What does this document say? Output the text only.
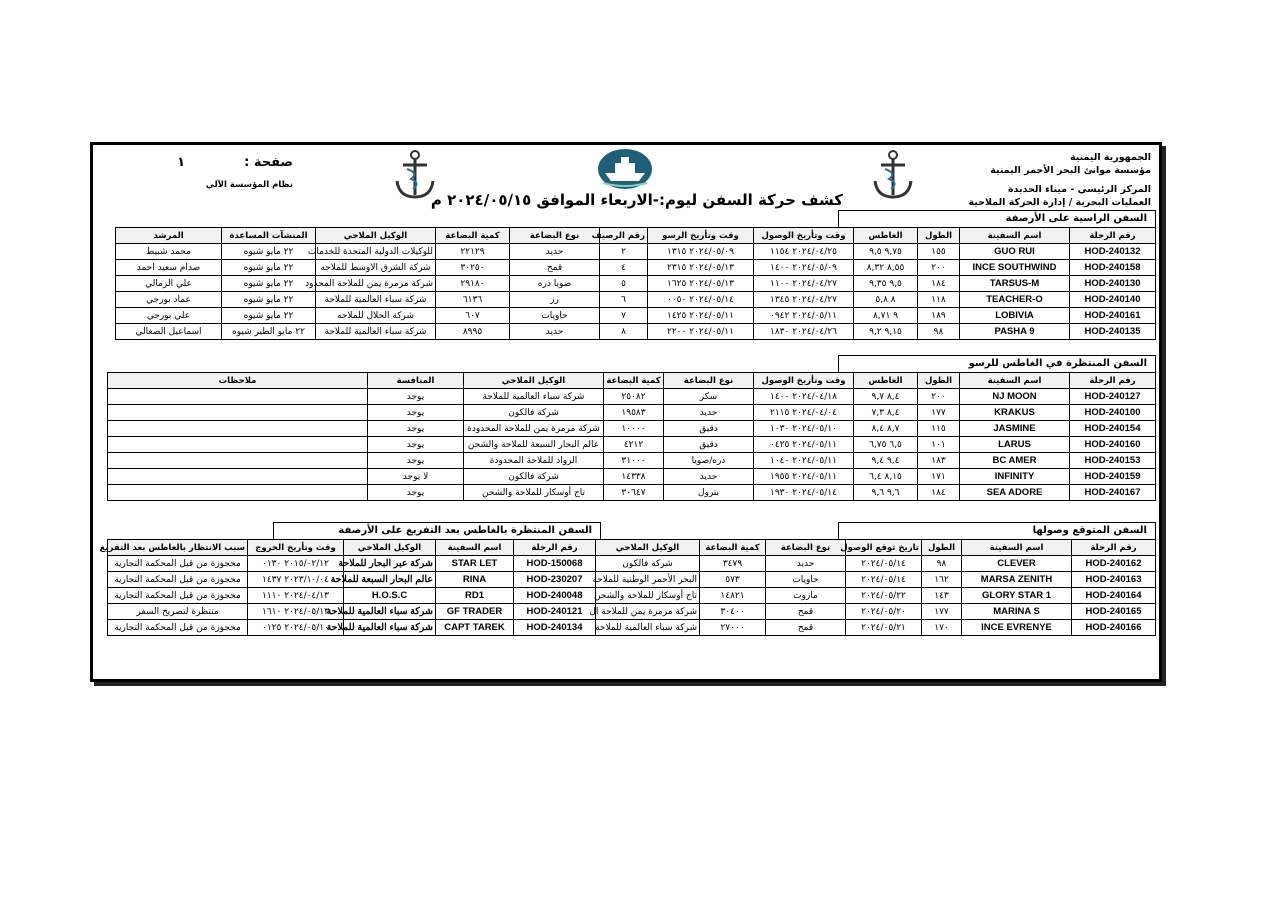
الجمهورية اليمنية
مؤسسة موانئ البحر الأحمر اليمنية
المركز الرئيسي - ميناء الحديدة
العمليات البحرية / إدارة الحركة الملاحية
صفحة :  ١
نظام المؤسسة الآلي
كشف حركة السفن ليوم:-الاربعاء الموافق ٢٠٢٤/٠٥/١٥ م
السفن الراسية على الأرصفة
رقم الرحلة	اسم السفينة	الطول	الغاطس	وقت وتأريخ الوصول	وقت وتأريخ الرسو	رقم الرصيف	نوع البضاعة	كمية البضاعة	الوكيل الملاحي	المنشآت المساعدة	المرشد
HOD-240132	GUO RUI	١٥٥	٩,٧٥ ٩,٥	٢٠٢٤/٠٤/٢٥ ١١٥٤	٢٠٢٤/٠٥/٠٩ ١٣١٥	٢	حديد	٢٢١٢٩	للوكيلات الدولية المتحدة للخدمات	٢٢ مايو شيوه	محمد شبيط
HOD-240158	INCE SOUTHWIND	٢٠٠	٨,٥٥ ٨,٣٢	٢٠٢٤/٠٥/٠٩ ١٤٠٠	٢٠٢٤/٠٥/١٣ ٢٣١٥	٤	قمح	٣٠٢٥٠	شركة الشرق الاوسط للملاحه	٢٢ مايو شيوه	صدام سعيد احمد
HOD-240130	TARSUS-M	١٨٤	٩,٥ ٩,٣٥	٢٠٢٤/٠٤/٢٧ ١١٠٠	٢٠٢٤/٠٥/١٣ ١٦٢٥	٥	صويا ذره	٢٩١٨٠	شركة مرمرة يمن للملاحة المحدود	٢٢ مايو شيوه	علي الزمالي
HOD-240140	TEACHER-O	١١٨	٨ ٥,٨	٢٠٢٤/٠٤/٢٧ ١٣٤٥	٢٠٢٤/٠٥/١٤ ٠٠٥٠	٦	رز	٦١٣٦	شركة سباء العالمية للملاحة	٢٢ مايو شيوه	عماد بورجي
HOD-240161	LOBIVIA	١٨٩	٩ ٨,٧١	٢٠٢٤/٠٥/١١ ٠٩٤٢	٢٠٢٤/٠٥/١١ ١٤٢٥	٧	حاويات	٦٠٧	شركة الحلال للملاحه	٢٢ مايو شيوه	علي بورجي
HOD-240135	PASHA 9	٩٨	٩,١٥ ٩,٢	٢٠٢٤/٠٤/٢٦ ١٨٣٠	٢٠٢٤/٠٥/١١ ٢٢٠٠	٨	حديد	٨٩٩٥	شركة سباء العالمية للملاحة	٢٢ مايو الطير شيوه	اسماعيل الصغالي
السفن المنتظرة في الغاطس للرسو
رقم الرحلة	اسم السفينة	الطول	الغاطس	وقت وتأريخ الوصول	نوع البضاعة	كمية البضاعة	الوكيل الملاحي	المنافسة	ملاحظات
HOD-240127	NJ MOON	٢٠٠	٨,٤ ٩,٧	٢٠٢٤/٠٤/١٨ ١٤٠٠	سكر	٢٥٠٨٢	شركة سباء العالمية للملاحة	يوجد	
HOD-240100	KRAKUS	١٧٧	٨,٤ ٧,٣	٢٠٢٤/٠٤/٠٤ ٢١١٥	حديد	١٩٥٨٣	شركة فالكون	يوجد	
HOD-240154	JASMINE	١١٥	٨,٧ ٨,٤	٢٠٢٤/٠٥/١٠ ١٠٣٠	دقيق	١٠٠٠٠	شركة مرمرة يمن للملاحة المحدودة	يوجد	
HOD-240160	LARUS	١٠١	٦,٥ ٦,٧٥	٢٠٢٤/٠٥/١١ ٠٤٢٥	دقيق	٤٢١٢	عالم البحار السبعة للملاحة والشحن	يوجد	
HOD-240153	BC AMER	١٨٣	٩,٤ ٩,٤	٢٠٢٤/٠٥/١١ ١٠٤٠	ذره/صويا	٣١٠٠٠	الرواد للملاحة المحدودة	يوجد	
HOD-240159	INFINITY	١٧١	٨,١٥ ٦,٤	٢٠٢٤/٠٥/١١ ١٩٥٥	حديد	١٤٣٣٨	شركة فالكون	لا يوجد	
HOD-240167	SEA ADORE	١٨٤	٩,٦ ٩,٦	٢٠٢٤/٠٥/١٤ ١٩٣٠	بترول	٣٠٦٤٧	تاج أوسكار للملاحة والشحن	يوجد	
السفن المتوقع وصولها
رقم الرحلة	اسم السفينة	الطول	تاريخ توقع الوصول	نوع البضاعة	كمية البضاعة	الوكيل الملاحي
HOD-240162	CLEVER	٩٨	٢٠٢٤/٠٥/١٤	حديد	٣٤٧٩	شركة فالكون
HOD-240163	MARSA ZENITH	١٦٢	٢٠٢٤/٠٥/١٤	حاويات	٥٧٣	البحر الأحمر الوطنية للملاحة
HOD-240164	GLORY STAR 1	١٤٣	٢٠٢٤/٠٥/٢٢	مازوت	١٤٨٢١	تاج أوسكار للملاحة والشحن
HOD-240165	MARINA S	١٧٧	٢٠٢٤/٠٥/٢٠	قمح	٣٠٤٠٠	شركة مرمرة يمن للملاحة ال
HOD-240166	INCE EVRENYE	١٧٠	٢٠٢٤/٠٥/٢١	قمح	٢٧٠٠٠	شركة سباء العالمية للملاحة
السفن المنتظرة بالغاطس بعد التفريغ على الأرصفة
رقم الرحلة	اسم السفينة	الوكيل الملاحي	وقت وتأريخ الخروج	سبب الانتظار بالغاطس بعد التفريغ
HOD-150068	STAR LET	شركة عبر البحار للملاحة	٢٠١٥/٠٢/١٢ ٠١٣٠	محجوزة من قبل المحكمة التجارية
HOD-230207	RINA	عالم البحار السبعة للملاحة	٢٠٢٣/١٠/٠٤ ١٤٣٧	محجوزة من قبل المحكمة التجارية
HOD-240048	RD1	H.O.S.C	٢٠٢٤/٠٤/١٣ ١١١٠	محجوزة من قبل المحكمة التجارية
HOD-240121	GF TRADER	شركة سباء العالمية للملاحة	٢٠٢٤/٠٥/١٣ ١٦١٠	منتظرة لتصريح السفر
HOD-240134	CAPT TAREK	شركة سباء العالمية للملاحة	٢٠٢٤/٠٥/١٠ ٠١٢٥	محجوزة من قبل المحكمة التجارية
